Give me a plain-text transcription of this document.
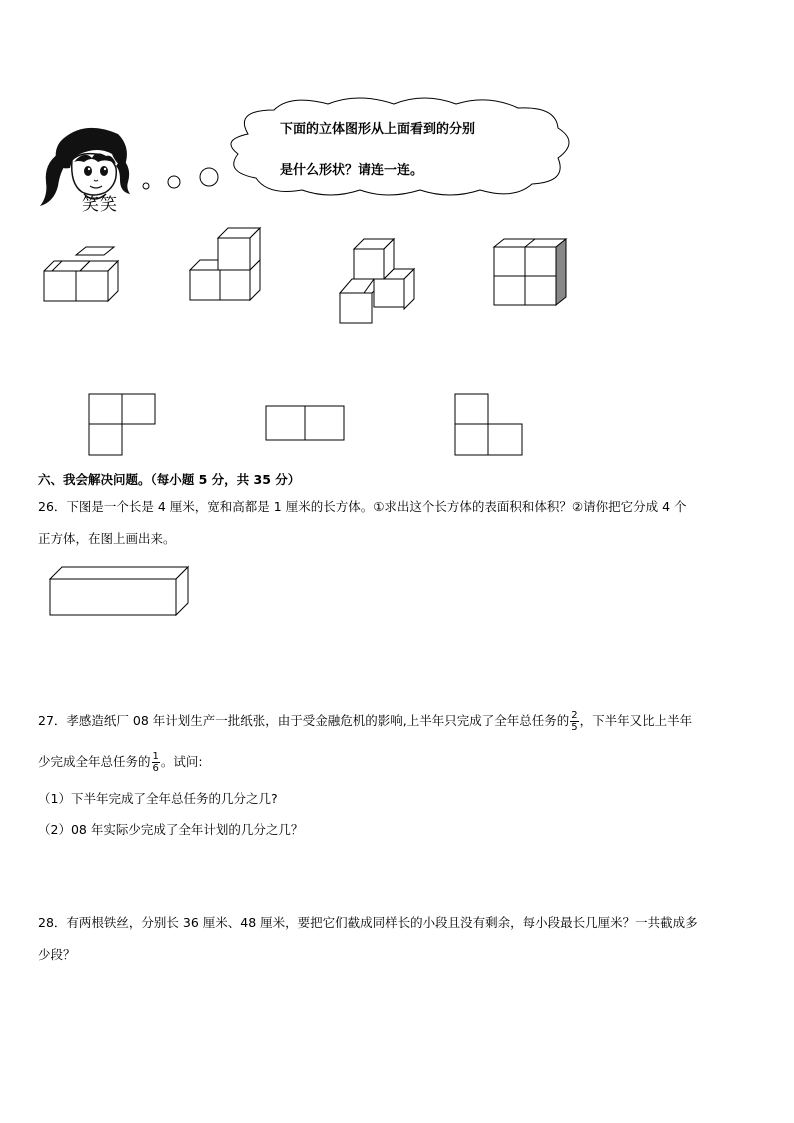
笑笑
下面的立体图形从上面看到的分别
是什么形状？请连一连。
六、我会解决问题。（每小题 5 分，共 35 分）
26．下图是一个长是 4 厘米，宽和高都是 1 厘米的长方体。①求出这个长方体的表面积和体积？②请你把它分成 4 个
正方体，在图上画出来。
27．孝感造纸厂 08 年计划生产一批纸张，由于受金融危机的影响,上半年只完成了全年总任务的 $\frac{2}{5}$ ，下半年又比上半年
少完成全年总任务的 $\frac{1}{6}$ 。试问:
（1）下半年完成了全年总任务的几分之几?
（2）08 年实际少完成了全年计划的几分之几？
28．有两根铁丝，分别长 36 厘米、48 厘米，要把它们截成同样长的小段且没有剩余，每小段最长几厘米？一共截成多
少段？
